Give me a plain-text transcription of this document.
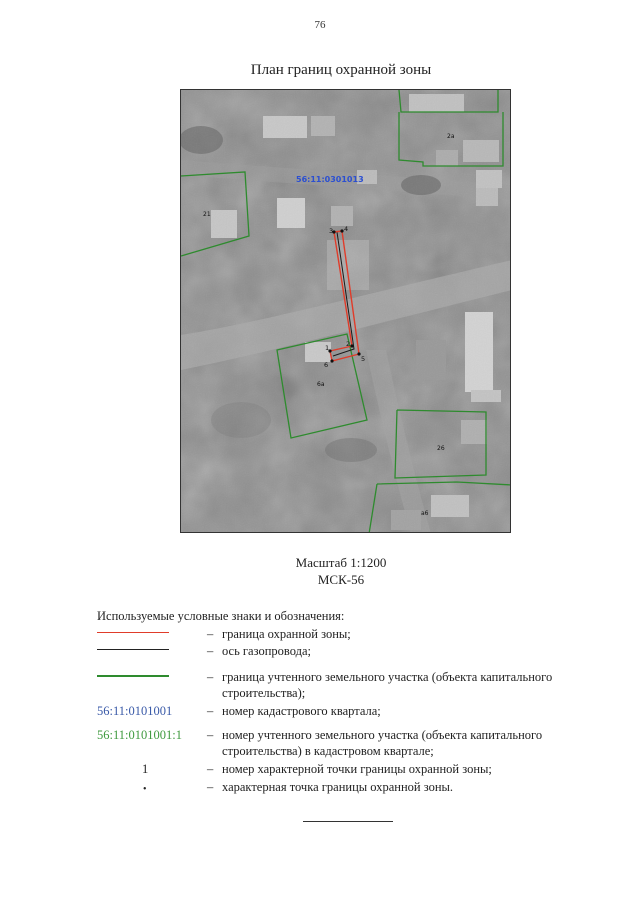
76
План границ охранной зоны
1	2
3 4
5
6
56:11:0301013
2а
21
6а
26
а6
Масштаб 1:1200
МСК-56
Используемые условные знаки и обозначения:
– граница охранной зоны;
– ось газопровода;
– граница учтенного земельного участка (объекта капитального строительства);
56:11:0101001	– номер кадастрового квартала;
56:11:0101001:1	– номер учтенного земельного участка (объекта капитального строительства) в кадастровом квартале;
1	– номер характерной точки границы охранной зоны;
•	– характерная точка границы охранной зоны.
